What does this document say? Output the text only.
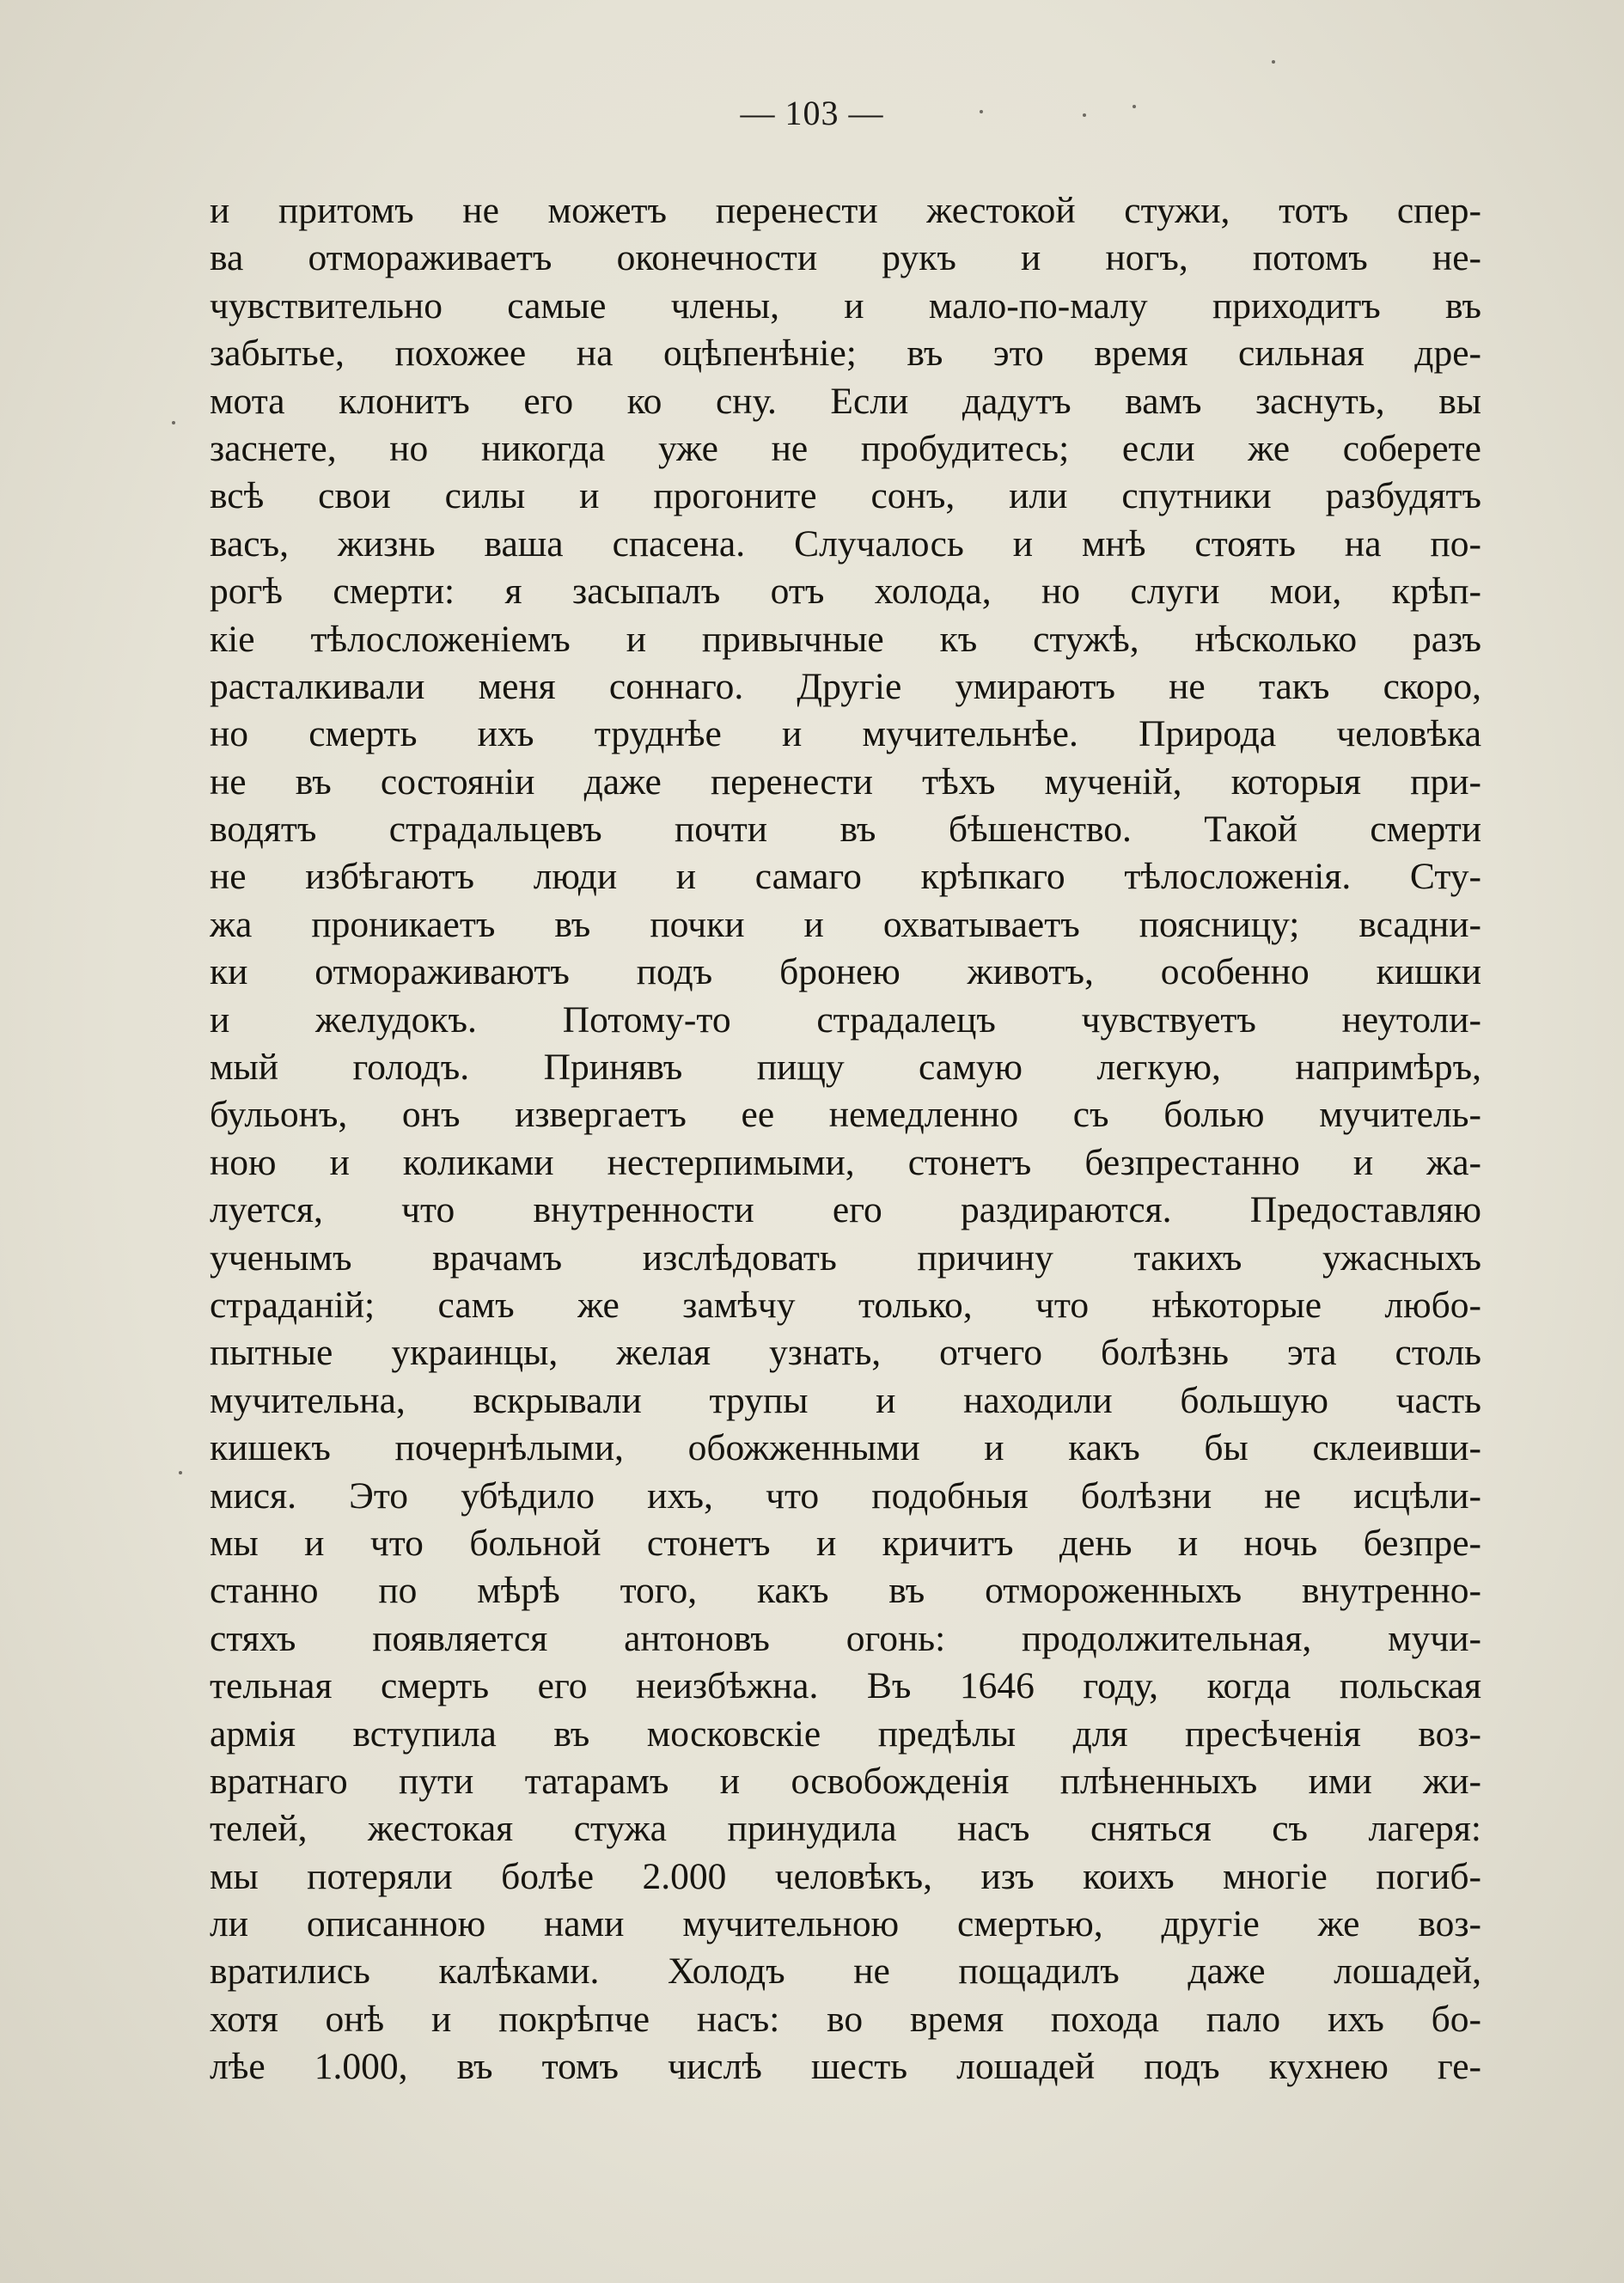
— 103 —
и притомъ не можетъ перенести жестокой стужи, тотъ спер-
ва отмораживаетъ оконечности рукъ и ногъ, потомъ не-
чувствительно самые члены, и мало-по-малу приходитъ въ
забытье, похожее на оцѣпенѣніе; въ это время сильная дре-
мота клонитъ его ко сну. Если дадутъ вамъ заснуть, вы
заснете, но никогда уже не пробудитесь; если же соберете
всѣ свои силы и прогоните сонъ, или спутники разбудятъ
васъ, жизнь ваша спасена. Случалось и мнѣ стоять на по-
рогѣ смерти: я засыпалъ отъ холода, но слуги мои, крѣп-
кіе тѣлосложеніемъ и привычные къ стужѣ, нѣсколько разъ
расталкивали меня соннаго. Другіе умираютъ не такъ скоро,
но смерть ихъ труднѣе и мучительнѣе. Природа человѣка
не въ состояніи даже перенести тѣхъ мученій, которыя при-
водятъ страдальцевъ почти въ бѣшенство. Такой смерти
не избѣгаютъ люди и самаго крѣпкаго тѣлосложенія. Сту-
жа проникаетъ въ почки и охватываетъ поясницу; всадни-
ки отмораживаютъ подъ бронею животъ, особенно кишки
и желудокъ. Потому-то страдалецъ чувствуетъ неутоли-
мый голодъ. Принявъ пищу самую легкую, напримѣръ,
бульонъ, онъ извергаетъ ее немедленно съ болью мучитель-
ною и коликами нестерпимыми, стонетъ безпрестанно и жа-
луется, что внутренности его раздираются. Предоставляю
ученымъ врачамъ изслѣдовать причину такихъ ужасныхъ
страданій; самъ же замѣчу только, что нѣкоторые любо-
пытные украинцы, желая узнать, отчего болѣзнь эта столь
мучительна, вскрывали трупы и находили большую часть
кишекъ почернѣлыми, обожженными и какъ бы склеивши-
мися. Это убѣдило ихъ, что подобныя болѣзни не исцѣли-
мы и что больной стонетъ и кричитъ день и ночь безпре-
станно по мѣрѣ того, какъ въ отмороженныхъ внутренно-
стяхъ появляется антоновъ огонь: продолжительная, мучи-
тельная смерть его неизбѣжна. Въ 1646 году, когда польская
армія вступила въ московскіе предѣлы для пресѣченія воз-
вратнаго пути татарамъ и освобожденія плѣненныхъ ими жи-
телей, жестокая стужа принудила насъ сняться съ лагеря:
мы потеряли болѣе 2.000 человѣкъ, изъ коихъ многіе погиб-
ли описанною нами мучительною смертью, другіе же воз-
вратились калѣками. Холодъ не пощадилъ даже лошадей,
хотя онѣ и покрѣпче насъ: во время похода пало ихъ бо-
лѣе 1.000, въ томъ числѣ шесть лошадей подъ кухнею ге-
